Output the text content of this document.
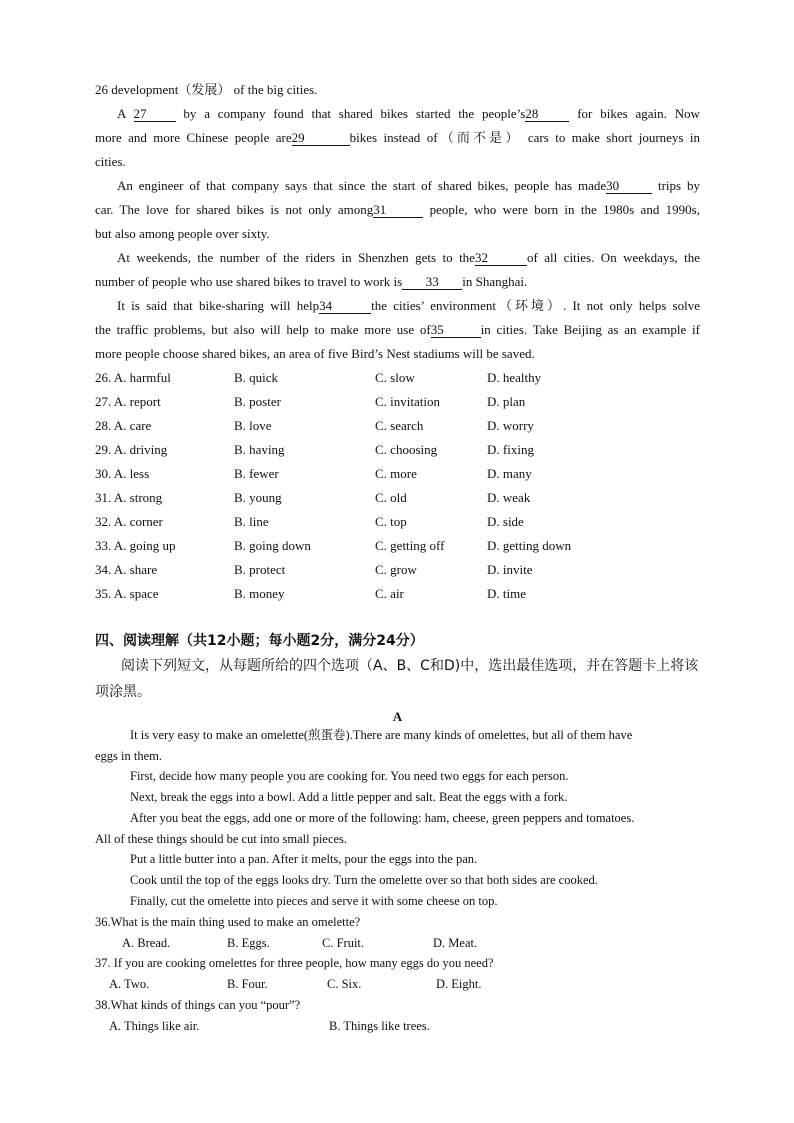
26 development（发展） of the big cities.
A 27 by a company found that shared bikes started the people’s28 for bikes again. Now
more and more Chinese people are29	bikes instead of（而不是） cars to make short journeys in
cities.
An engineer of that company says that since the start of shared bikes, people has made30	trips by
car. The love for shared bikes is not only among31	people, who were born in the 1980s and 1990s,
but also among people over sixty.
At weekends, the number of the riders in Shenzhen gets to the32	of all cities. On weekdays, the
number of people who use shared bikes to travel to work is 33 in Shanghai.
It is said that bike-sharing will help34	the cities’ environment（环境）. It not only helps solve
the traffic problems, but also will help to make more use of35	in cities. Take Beijing as an example if
more people choose shared bikes, an area of five Bird’s Nest stadiums will be saved.
26. A. harmful	B. quick	C. slow	D. healthy
27. A. report	B. poster	C. invitation	D. plan
28. A. care	B. love	C. search	D. worry
29. A. driving	B. having	C. choosing	D. fixing
30. A. less	B. fewer	C. more	D. many
31. A. strong	B. young	C. old	D. weak
32. A. corner	B. line	C. top	D. side
33. A. going up	B. going down	C. getting off	D. getting down
34. A. share	B. protect	C. grow	D. invite
35. A. space	B. money	C. air	D. time
四、阅读理解（共12小题；每小题2分，满分24分）
阅读下列短文，从每题所给的四个选项（A、B、C和D)中，选出最佳选项，并在答题卡上将该
项涂黑。
A
It is very easy to make an omelette(煎蛋卷).There are many kinds of omelettes, but all of them have
eggs in them.
First, decide how many people you are cooking for. You need two eggs for each person.
Next, break the eggs into a bowl. Add a little pepper and salt. Beat the eggs with a fork.
After you beat the eggs, add one or more of the following: ham, cheese, green peppers and tomatoes.
All of these things should be cut into small pieces.
Put a little butter into a pan. After it melts, pour the eggs into the pan.
Cook until the top of the eggs looks dry. Turn the omelette over so that both sides are cooked.
Finally, cut the omelette into pieces and serve it with some cheese on top.
36.What is the main thing used to make an omelette?
A. Bread.	B. Eggs.	C. Fruit.	D. Meat.
37. If you are cooking omelettes for three people, how many eggs do you need?
A. Two.	B. Four.	C. Six.	D. Eight.
38.What kinds of things can you “pour”?
A. Things like air.	B. Things like trees.
